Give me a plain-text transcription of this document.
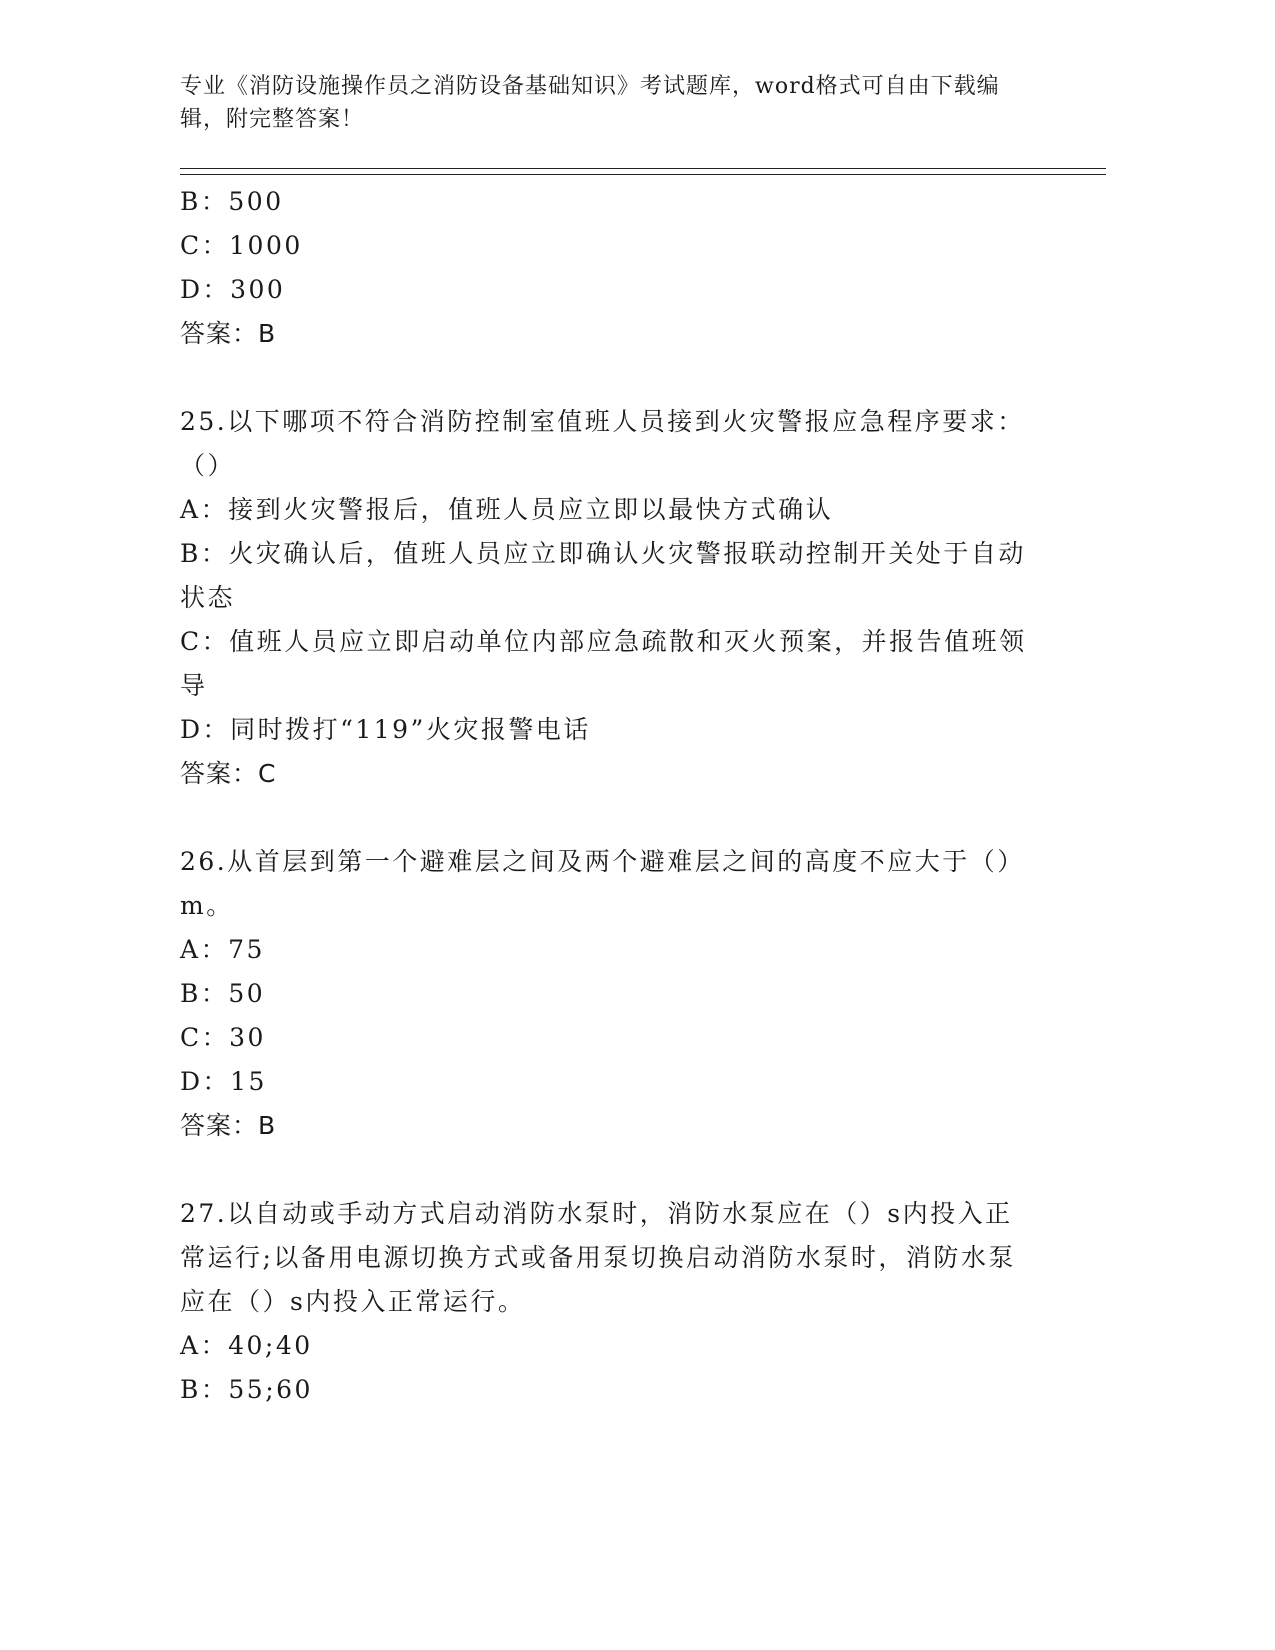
专业《消防设施操作员之消防设备基础知识》考试题库，word格式可自由下载编辑，附完整答案！
B：500
C：1000
D：300
答案：B
25.以下哪项不符合消防控制室值班人员接到火灾警报应急程序要求：（）
A：接到火灾警报后，值班人员应立即以最快方式确认
B：火灾确认后，值班人员应立即确认火灾警报联动控制开关处于自动状态
C：值班人员应立即启动单位内部应急疏散和灭火预案，并报告值班领导
D：同时拨打“119”火灾报警电话
答案：C
26.从首层到第一个避难层之间及两个避难层之间的高度不应大于（）m。
A：75
B：50
C：30
D：15
答案：B
27.以自动或手动方式启动消防水泵时，消防水泵应在（）s内投入正常运行;以备用电源切换方式或备用泵切换启动消防水泵时，消防水泵应在（）s内投入正常运行。
A：40;40
B：55;60
